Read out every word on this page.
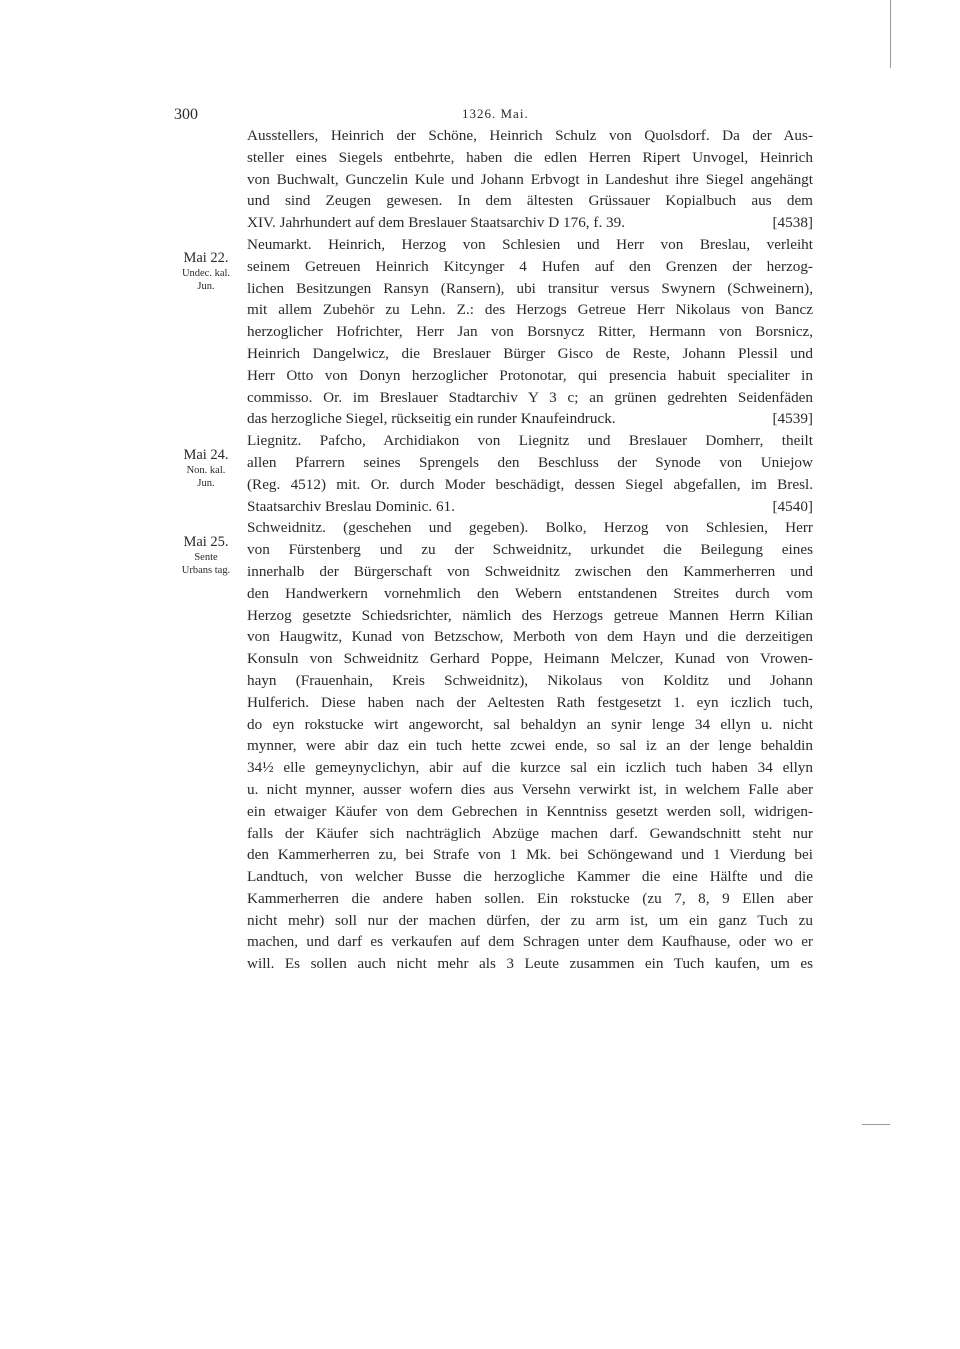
300	1326. Mai.
Mai 22.
Undec. kal.
Jun.
Mai 24.
Non. kal.
Jun.
Mai 25.
Sente
Urbans tag.
Ausstellers, Heinrich der Schöne, Heinrich Schulz von Quolsdorf. Da der Aus-
steller eines Siegels entbehrte, haben die edlen Herren Ripert Unvogel, Heinrich
von Buchwalt, Gunczelin Kule und Johann Erbvogt in Landeshut ihre Siegel angehängt
und sind Zeugen gewesen. In dem ältesten Grüssauer Kopialbuch aus dem
XIV. Jahrhundert auf dem Breslauer Staatsarchiv D 176, f. 39.	[4538]
Neumarkt. Heinrich, Herzog von Schlesien und Herr von Breslau, verleiht
seinem Getreuen Heinrich Kitcynger 4 Hufen auf den Grenzen der herzog-
lichen Besitzungen Ransyn (Ransern), ubi transitur versus Swynern (Schweinern),
mit allem Zubehör zu Lehn. Z.: des Herzogs Getreue Herr Nikolaus von Bancz
herzoglicher Hofrichter, Herr Jan von Borsnycz Ritter, Hermann von Borsnicz,
Heinrich Dangelwicz, die Breslauer Bürger Gisco de Reste, Johann Plessil und
Herr Otto von Donyn herzoglicher Protonotar, qui presencia habuit specialiter in
commisso. Or. im Breslauer Stadtarchiv Y 3 c; an grünen gedrehten Seidenfäden
das herzogliche Siegel, rückseitig ein runder Knaufeindruck.	[4539]
Liegnitz. Pafcho, Archidiakon von Liegnitz und Breslauer Domherr, theilt
allen Pfarrern seines Sprengels den Beschluss der Synode von Uniejow
(Reg. 4512) mit. Or. durch Moder beschädigt, dessen Siegel abgefallen, im Bresl.
Staatsarchiv Breslau Dominic. 61.	[4540]
Schweidnitz. (geschehen und gegeben). Bolko, Herzog von Schlesien, Herr
von Fürstenberg und zu der Schweidnitz, urkundet die Beilegung eines
innerhalb der Bürgerschaft von Schweidnitz zwischen den Kammerherren und
den Handwerkern vornehmlich den Webern entstandenen Streites durch vom
Herzog gesetzte Schiedsrichter, nämlich des Herzogs getreue Mannen Herrn Kilian
von Haugwitz, Kunad von Betzschow, Merboth von dem Hayn und die derzeitigen
Konsuln von Schweidnitz Gerhard Poppe, Heimann Melczer, Kunad von Vrowen-
hayn (Frauenhain, Kreis Schweidnitz), Nikolaus von Kolditz und Johann
Hulferich. Diese haben nach der Aeltesten Rath festgesetzt 1. eyn iczlich tuch,
do eyn rokstucke wirt angeworcht, sal behaldyn an synir lenge 34 ellyn u. nicht
mynner, were abir daz ein tuch hette zcwei ende, so sal iz an der lenge behaldin
34½ elle gemeynyclichyn, abir auf die kurzce sal ein iczlich tuch haben 34 ellyn
u. nicht mynner, ausser wofern dies aus Versehn verwirkt ist, in welchem Falle aber
ein etwaiger Käufer von dem Gebrechen in Kenntniss gesetzt werden soll, widrigen-
falls der Käufer sich nachträglich Abzüge machen darf. Gewandschnitt steht nur
den Kammerherren zu, bei Strafe von 1 Mk. bei Schöngewand und 1 Vierdung bei
Landtuch, von welcher Busse die herzogliche Kammer die eine Hälfte und die
Kammerherren die andere haben sollen. Ein rokstucke (zu 7, 8, 9 Ellen aber
nicht mehr) soll nur der machen dürfen, der zu arm ist, um ein ganz Tuch zu
machen, und darf es verkaufen auf dem Schragen unter dem Kaufhause, oder wo er
will. Es sollen auch nicht mehr als 3 Leute zusammen ein Tuch kaufen, um es
